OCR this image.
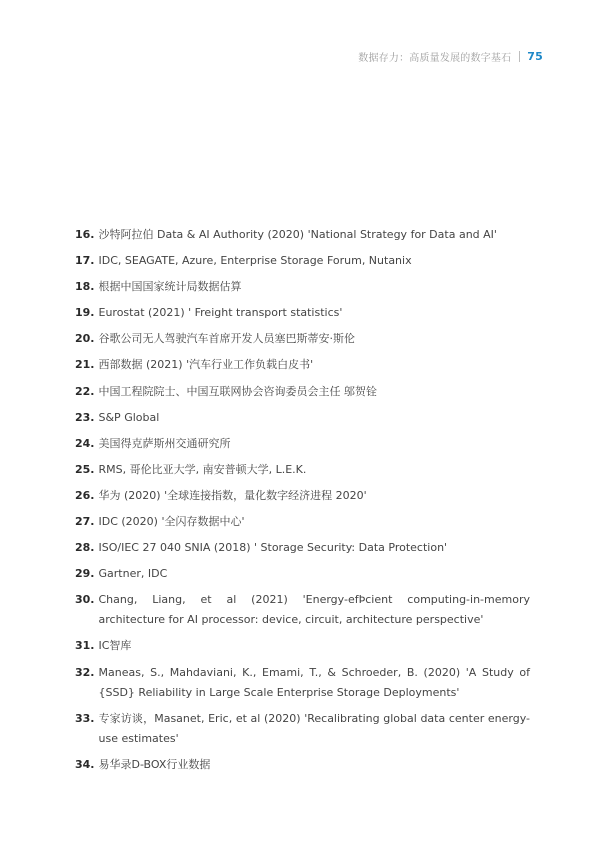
数据存力：高质量发展的数字基石 75
16. 沙特阿拉伯 Data & AI Authority (2020) 'National Strategy for Data and AI'
17. IDC, SEAGATE, Azure, Enterprise Storage Forum, Nutanix
18. 根据中国国家统计局数据估算
19. Eurostat (2021) ' Freight transport statistics'
20. 谷歌公司无人驾驶汽车首席开发人员塞巴斯蒂安·斯伦
21. 西部数据 (2021) '汽车行业工作负载白皮书'
22. 中国工程院院士、中国互联网协会咨询委员会主任 邬贺铨
23. S&P Global
24. 美国得克萨斯州交通研究所
25. RMS, 哥伦比亚大学, 南安普顿大学, L.E.K.
26. 华为 (2020) '全球连接指数，量化数字经济进程 2020'
27. IDC (2020) '全闪存数据中心'
28. ISO/IEC 27 040 SNIA (2018) ' Storage Security: Data Protection'
29. Gartner, IDC
30. Chang, Liang, et al (2021) 'Energy-efÞcient computing-in-memory architecture for AI processor: device, circuit, architecture perspective'
31. IC智库
32. Maneas, S., Mahdaviani, K., Emami, T., & Schroeder, B. (2020) 'A Study of {SSD} Reliability in Large Scale Enterprise Storage Deployments'
33. 专家访谈，Masanet, Eric, et al (2020) 'Recalibrating global data center energy-use estimates'
34. 易华录D-BOX行业数据
